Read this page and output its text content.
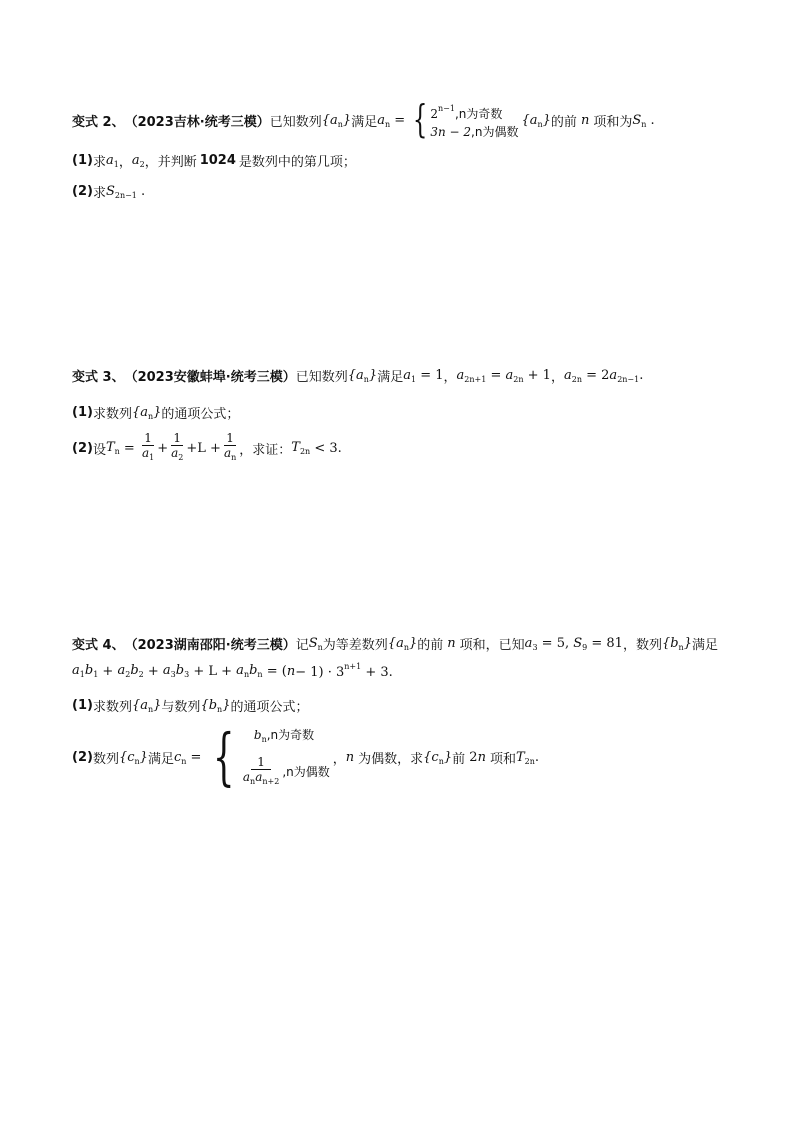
变式 2、 （2023吉林·统考三模） 已知数列 $\{a_n\}$ 满足 $a_n$ = { $2^{n-1},n$为奇数
3n − 2,n为偶数
$\{a_n\}$ 的前 n 项和为 $S_n$ .
(1) 求 $a_1$ ， $a_2$ ，并判断 1024 是数列中的第几项；
(2) 求 $S_{2n-1}$ .
变式 3、 （2023安徽蚌埠·统考三模） 已知数列 $\{a_n\}$ 满足 $a_1 = 1$ ， $a_{2n+1} = a_{2n} + 1$ ， $a_{2n} = 2$ $a_{2n-1}$ .
(1) 求数列 $\{a_n\}$ 的通项公式；
(2) 设 $T_n = \frac{1}{a_1} + \frac{1}{a_2} + L + \frac{1}{a_n}$ ，求证： $T_{2n} < 3$.
变式 4、 （2023湖南邵阳·统考三模） 记 $S_n$ 为等差数列 $\{a_n\}$ 的前 n 项和，已知 $a_3 = 5$, $S_9 = 81$ ，数列 $\{b_n\}$ 满足
$a_1b_1 + a_2b_2 + a_3b_3 + L + a_nb_n$ = ( $n - 1) \cdot 3^{n+1} + 3$.
(1) 求数列 $\{a_n\}$ 与数列 $\{b_n\}$ 的通项公式；
(2) 数列 $\{c_n\}$ 满足 $c_n$ = {	$b_n,n$为奇数
$\frac{1}{a_na_{n+2}} ,n$为偶数
， n 为偶数，求 $\{c_n\}$ 前 2 n 项和 $T_{2n}$ .
